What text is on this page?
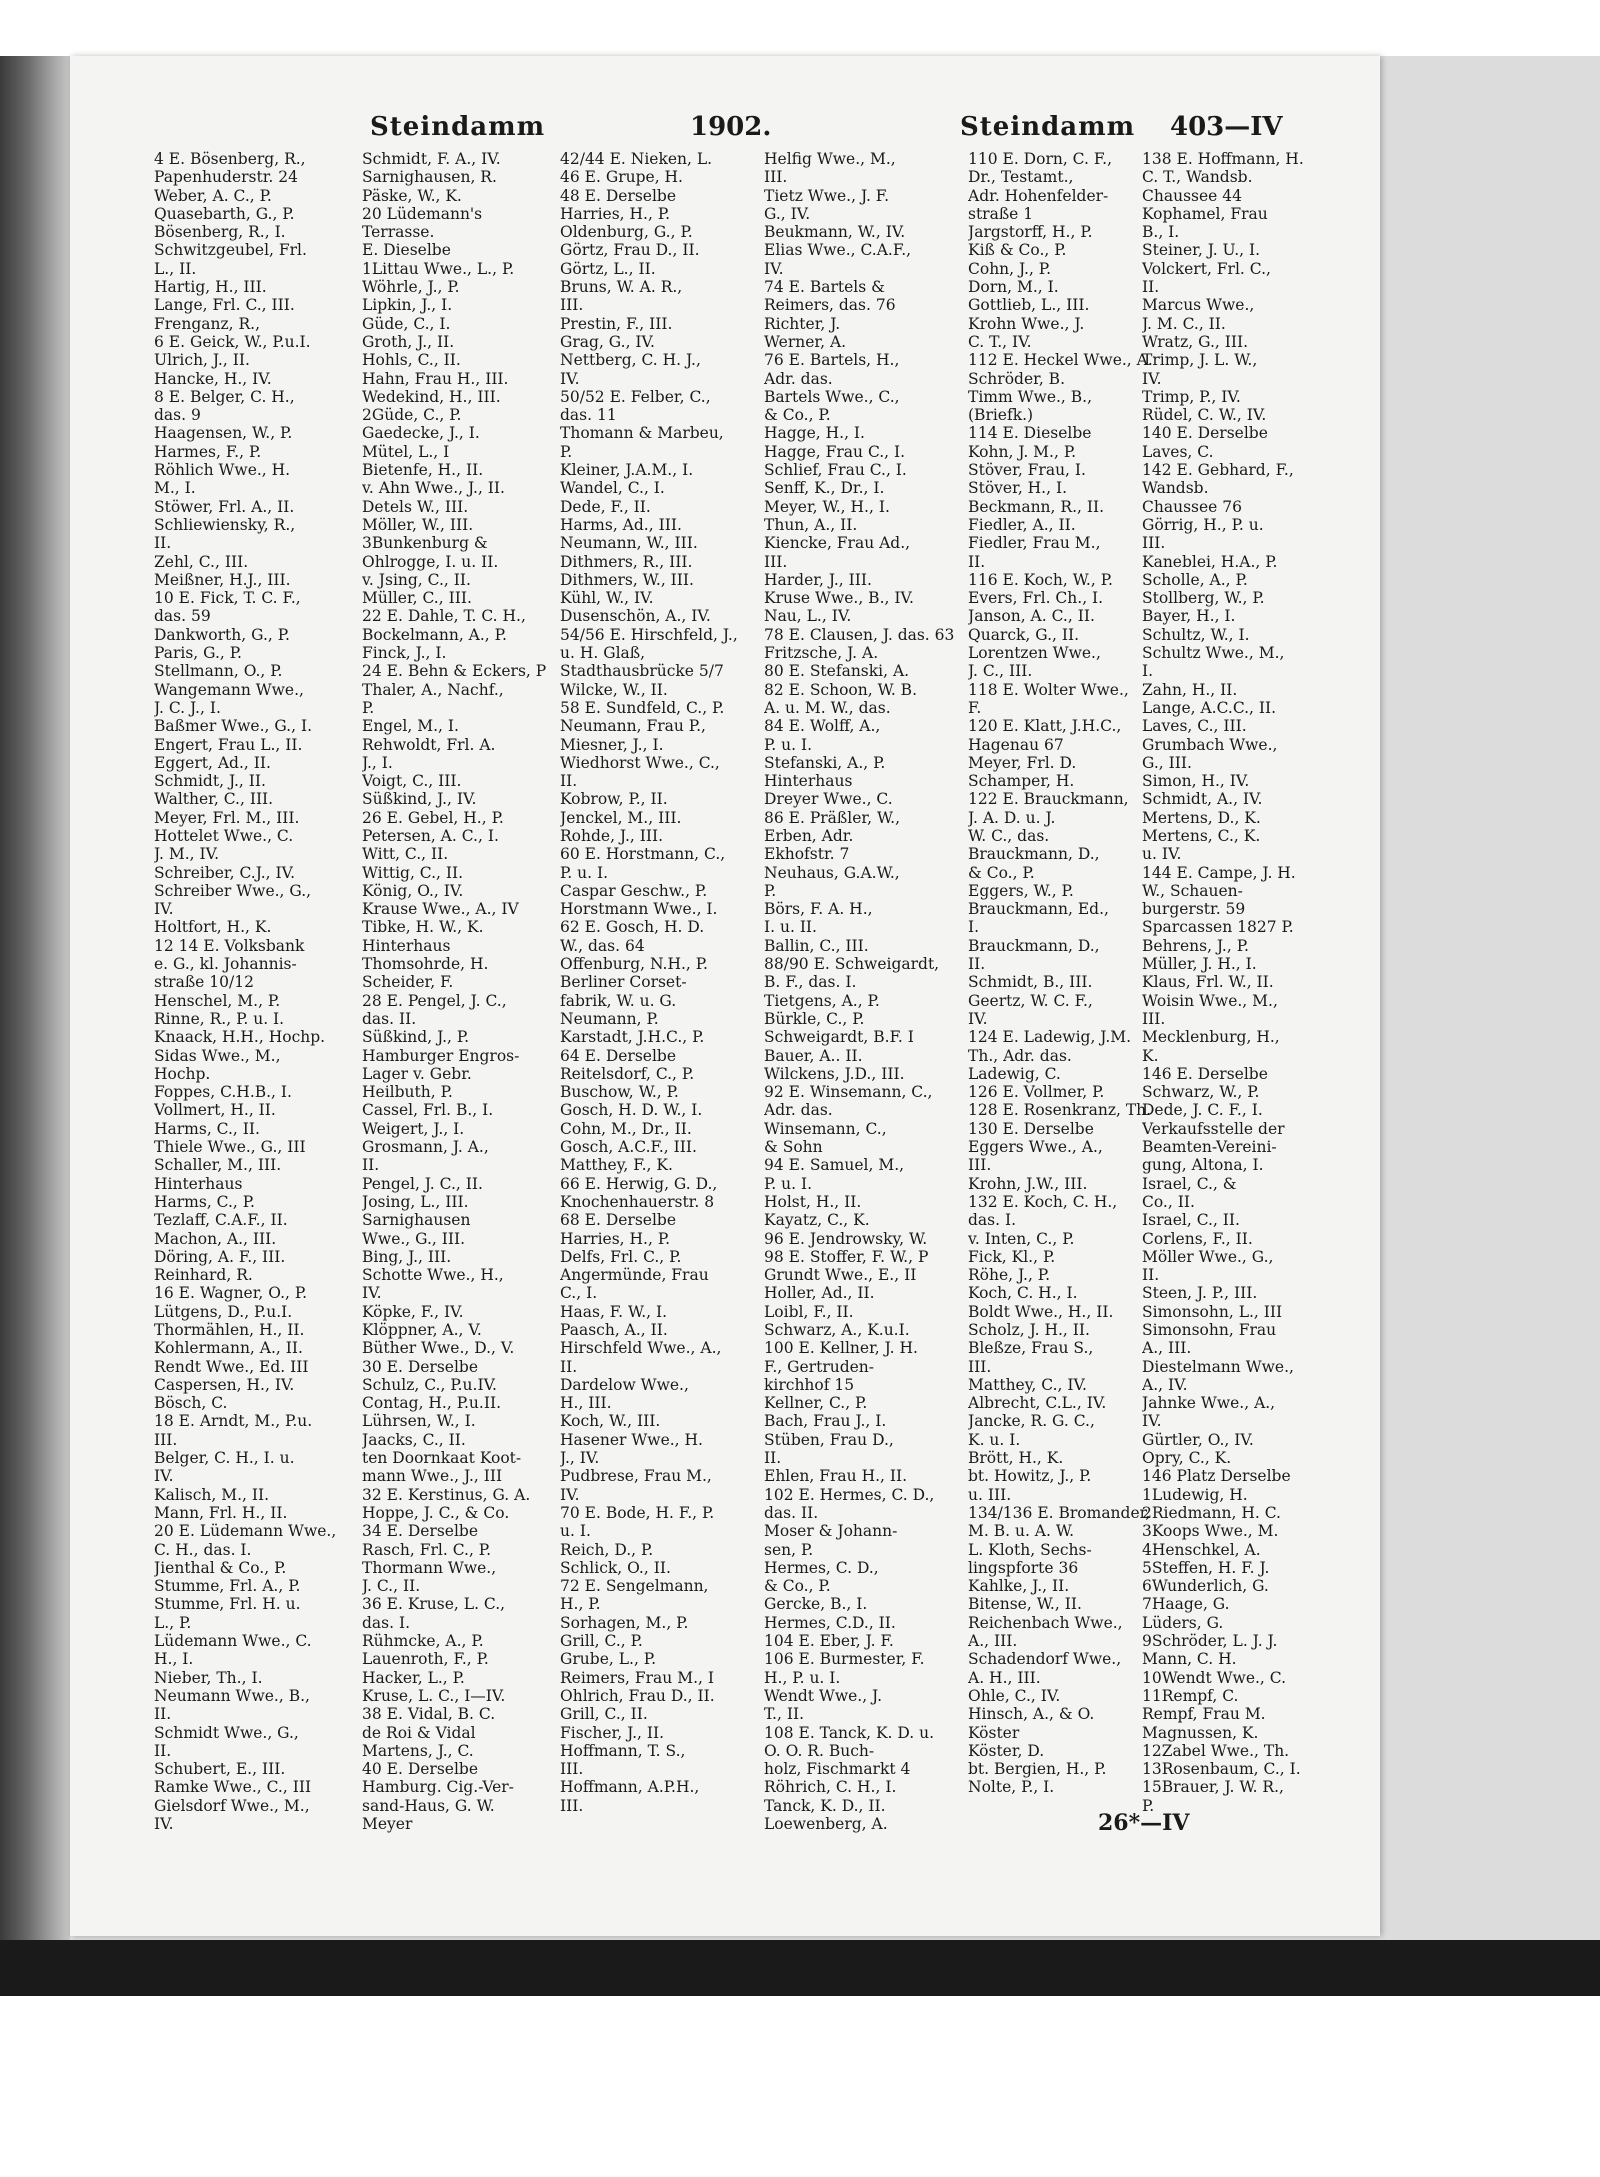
Steindamm	1902.	Steindamm 403—IV
4 E. Bösenberg, R.,
Papenhuderstr. 24
Weber, A. C., P.
Quasebarth, G., P.
Bösenberg, R., I.
Schwitzgeubel, Frl.
L., II.
Hartig, H., III.
Lange, Frl. C., III.
Frenganz, R.,
6 E. Geick, W., P.u.I.
Ulrich, J., II.
Hancke, H., IV.
8 E. Belger, C. H.,
das. 9
Haagensen, W., P.
Harmes, F., P.
Röhlich Wwe., H.
M., I.
Stöwer, Frl. A., II.
Schliewiensky, R.,
II.
Zehl, C., III.
Meißner, H.J., III.
10 E. Fick, T. C. F.,
das. 59
Dankworth, G., P.
Paris, G., P.
Stellmann, O., P.
Wangemann Wwe.,
J. C. J., I.
Baßmer Wwe., G., I.
Engert, Frau L., II.
Eggert, Ad., II.
Schmidt, J., II.
Walther, C., III.
Meyer, Frl. M., III.
Hottelet Wwe., C.
J. M., IV.
Schreiber, C.J., IV.
Schreiber Wwe., G.,
IV.
Holtfort, H., K.
12 14 E. Volksbank
e. G., kl. Johannis-
straße 10/12
Henschel, M., P.
Rinne, R., P. u. I.
Knaack, H.H., Hochp.
Sidas Wwe., M.,
Hochp.
Foppes, C.H.B., I.
Vollmert, H., II.
Harms, C., II.
Thiele Wwe., G., III
Schaller, M., III.
Hinterhaus
Harms, C., P.
Tezlaff, C.A.F., II.
Machon, A., III.
Döring, A. F., III.
Reinhard, R.
16 E. Wagner, O., P.
Lütgens, D., P.u.I.
Thormählen, H., II.
Kohlermann, A., II.
Rendt Wwe., Ed. III
Caspersen, H., IV.
Bösch, C.
18 E. Arndt, M., P.u.
III.
Belger, C. H., I. u.
IV.
Kalisch, M., II.
Mann, Frl. H., II.
20 E. Lüdemann Wwe.,
C. H., das. I.
Jienthal & Co., P.
Stumme, Frl. A., P.
Stumme, Frl. H. u.
L., P.
Lüdemann Wwe., C.
H., I.
Nieber, Th., I.
Neumann Wwe., B.,
II.
Schmidt Wwe., G.,
II.
Schubert, E., III.
Ramke Wwe., C., III
Gielsdorf Wwe., M.,
IV.
Schmidt, F. A., IV.
Sarnighausen, R.
Päske, W., K.
20 Lüdemann's
Terrasse.
E. Dieselbe
1Littau Wwe., L., P.
Wöhrle, J., P.
Lipkin, J., I.
Güde, C., I.
Groth, J., II.
Hohls, C., II.
Hahn, Frau H., III.
Wedekind, H., III.
2Güde, C., P.
Gaedecke, J., I.
Mütel, L., I
Bietenfe, H., II.
v. Ahn Wwe., J., II.
Detels W., III.
Möller, W., III.
3Bunkenburg &
Ohlrogge, I. u. II.
v. Jsing, C., II.
Müller, C., III.
22 E. Dahle, T. C. H.,
Bockelmann, A., P.
Finck, J., I.
24 E. Behn & Eckers, P
Thaler, A., Nachf.,
P.
Engel, M., I.
Rehwoldt, Frl. A.
J., I.
Voigt, C., III.
Süßkind, J., IV.
26 E. Gebel, H., P.
Petersen, A. C., I.
Witt, C., II.
Wittig, C., II.
König, O., IV.
Krause Wwe., A., IV
Tibke, H. W., K.
Hinterhaus
Thomsohrde, H.
Scheider, F.
28 E. Pengel, J. C.,
das. II.
Süßkind, J., P.
Hamburger Engros-
Lager v. Gebr.
Heilbuth, P.
Cassel, Frl. B., I.
Weigert, J., I.
Grosmann, J. A.,
II.
Pengel, J. C., II.
Josing, L., III.
Sarnighausen
Wwe., G., III.
Bing, J., III.
Schotte Wwe., H.,
IV.
Köpke, F., IV.
Klöppner, A., V.
Büther Wwe., D., V.
30 E. Derselbe
Schulz, C., P.u.IV.
Contag, H., P.u.II.
Lührsen, W., I.
Jaacks, C., II.
ten Doornkaat Koot-
mann Wwe., J., III
32 E. Kerstinus, G. A.
Hoppe, J. C., & Co.
34 E. Derselbe
Rasch, Frl. C., P.
Thormann Wwe.,
J. C., II.
36 E. Kruse, L. C.,
das. I.
Rühmcke, A., P.
Lauenroth, F., P.
Hacker, L., P.
Kruse, L. C., I—IV.
38 E. Vidal, B. C.
de Roi & Vidal
Martens, J., C.
40 E. Derselbe
Hamburg. Cig.-Ver-
sand-Haus, G. W.
Meyer
42/44 E. Nieken, L.
46 E. Grupe, H.
48 E. Derselbe
Harries, H., P.
Oldenburg, G., P.
Görtz, Frau D., II.
Görtz, L., II.
Bruns, W. A. R.,
III.
Prestin, F., III.
Grag, G., IV.
Nettberg, C. H. J.,
IV.
50/52 E. Felber, C.,
das. 11
Thomann & Marbeu,
P.
Kleiner, J.A.M., I.
Wandel, C., I.
Dede, F., II.
Harms, Ad., III.
Neumann, W., III.
Dithmers, R., III.
Dithmers, W., III.
Kühl, W., IV.
Dusenschön, A., IV.
54/56 E. Hirschfeld, J.,
u. H. Glaß,
Stadthausbrücke 5/7
Wilcke, W., II.
58 E. Sundfeld, C., P.
Neumann, Frau P.,
Miesner, J., I.
Wiedhorst Wwe., C.,
II.
Kobrow, P., II.
Jenckel, M., III.
Rohde, J., III.
60 E. Horstmann, C.,
P. u. I.
Caspar Geschw., P.
Horstmann Wwe., I.
62 E. Gosch, H. D.
W., das. 64
Offenburg, N.H., P.
Berliner Corset-
fabrik, W. u. G.
Neumann, P.
Karstadt, J.H.C., P.
64 E. Derselbe
Reitelsdorf, C., P.
Buschow, W., P.
Gosch, H. D. W., I.
Cohn, M., Dr., II.
Gosch, A.C.F., III.
Matthey, F., K.
66 E. Herwig, G. D.,
Knochenhauerstr. 8
68 E. Derselbe
Harries, H., P.
Delfs, Frl. C., P.
Angermünde, Frau
C., I.
Haas, F. W., I.
Paasch, A., II.
Hirschfeld Wwe., A.,
II.
Dardelow Wwe.,
H., III.
Koch, W., III.
Hasener Wwe., H.
J., IV.
Pudbrese, Frau M.,
IV.
70 E. Bode, H. F., P.
u. I.
Reich, D., P.
Schlick, O., II.
72 E. Sengelmann,
H., P.
Sorhagen, M., P.
Grill, C., P.
Grube, L., P.
Reimers, Frau M., I
Ohlrich, Frau D., II.
Grill, C., II.
Fischer, J., II.
Hoffmann, T. S.,
III.
Hoffmann, A.P.H.,
III.
Helfig Wwe., M.,
III.
Tietz Wwe., J. F.
G., IV.
Beukmann, W., IV.
Elias Wwe., C.A.F.,
IV.
74 E. Bartels &
Reimers, das. 76
Richter, J.
Werner, A.
76 E. Bartels, H.,
Adr. das.
Bartels Wwe., C.,
& Co., P.
Hagge, H., I.
Hagge, Frau C., I.
Schlief, Frau C., I.
Senff, K., Dr., I.
Meyer, W., H., I.
Thun, A., II.
Kiencke, Frau Ad.,
III.
Harder, J., III.
Kruse Wwe., B., IV.
Nau, L., IV.
78 E. Clausen, J. das. 63
Fritzsche, J. A.
80 E. Stefanski, A.
82 E. Schoon, W. B.
A. u. M. W., das.
84 E. Wolff, A.,
P. u. I.
Stefanski, A., P.
Hinterhaus
Dreyer Wwe., C.
86 E. Präßler, W.,
Erben, Adr.
Ekhofstr. 7
Neuhaus, G.A.W.,
P.
Börs, F. A. H.,
I. u. II.
Ballin, C., III.
88/90 E. Schweigardt,
B. F., das. I.
Tietgens, A., P.
Bürkle, C., P.
Schweigardt, B.F. I
Bauer, A.. II.
Wilckens, J.D., III.
92 E. Winsemann, C.,
Adr. das.
Winsemann, C.,
& Sohn
94 E. Samuel, M.,
P. u. I.
Holst, H., II.
Kayatz, C., K.
96 E. Jendrowsky, W.
98 E. Stoffer, F. W., P
Grundt Wwe., E., II
Holler, Ad., II.
Loibl, F., II.
Schwarz, A., K.u.I.
100 E. Kellner, J. H.
F., Gertruden-
kirchhof 15
Kellner, C., P.
Bach, Frau J., I.
Stüben, Frau D.,
II.
Ehlen, Frau H., II.
102 E. Hermes, C. D.,
das. II.
Moser & Johann-
sen, P.
Hermes, C. D.,
& Co., P.
Gercke, B., I.
Hermes, C.D., II.
104 E. Eber, J. F.
106 E. Burmester, F.
H., P. u. I.
Wendt Wwe., J.
T., II.
108 E. Tanck, K. D. u.
O. O. R. Buch-
holz, Fischmarkt 4
Röhrich, C. H., I.
Tanck, K. D., II.
Loewenberg, A.
110 E. Dorn, C. F.,
Dr., Testamt.,
Adr. Hohenfelder-
straße 1
Jargstorff, H., P.
Kiß & Co., P.
Cohn, J., P.
Dorn, M., I.
Gottlieb, L., III.
Krohn Wwe., J.
C. T., IV.
112 E. Heckel Wwe., A.
Schröder, B.
Timm Wwe., B.,
(Briefk.)
114 E. Dieselbe
Kohn, J. M., P.
Stöver, Frau, I.
Stöver, H., I.
Beckmann, R., II.
Fiedler, A., II.
Fiedler, Frau M.,
II.
116 E. Koch, W., P.
Evers, Frl. Ch., I.
Janson, A. C., II.
Quarck, G., II.
Lorentzen Wwe.,
J. C., III.
118 E. Wolter Wwe.,
F.
120 E. Klatt, J.H.C.,
Hagenau 67
Meyer, Frl. D.
Schamper, H.
122 E. Brauckmann,
J. A. D. u. J.
W. C., das.
Brauckmann, D.,
& Co., P.
Eggers, W., P.
Brauckmann, Ed.,
I.
Brauckmann, D.,
II.
Schmidt, B., III.
Geertz, W. C. F.,
IV.
124 E. Ladewig, J.M.
Th., Adr. das.
Ladewig, C.
126 E. Vollmer, P.
128 E. Rosenkranz, Th.
130 E. Derselbe
Eggers Wwe., A.,
III.
Krohn, J.W., III.
132 E. Koch, C. H.,
das. I.
v. Inten, C., P.
Fick, Kl., P.
Röhe, J., P.
Koch, C. H., I.
Boldt Wwe., H., II.
Scholz, J. H., II.
Bleßze, Frau S.,
III.
Matthey, C., IV.
Albrecht, C.L., IV.
Jancke, R. G. C.,
K. u. I.
Brött, H., K.
bt. Howitz, J., P.
u. III.
134/136 E. Bromander,
M. B. u. A. W.
L. Kloth, Sechs-
lingspforte 36
Kahlke, J., II.
Bitense, W., II.
Reichenbach Wwe.,
A., III.
Schadendorf Wwe.,
A. H., III.
Ohle, C., IV.
Hinsch, A., & O.
Köster
Köster, D.
bt. Bergien, H., P.
Nolte, P., I.
138 E. Hoffmann, H.
C. T., Wandsb.
Chaussee 44
Kophamel, Frau
B., I.
Steiner, J. U., I.
Volckert, Frl. C.,
II.
Marcus Wwe.,
J. M. C., II.
Wratz, G., III.
Trimp, J. L. W.,
IV.
Trimp, P., IV.
Rüdel, C. W., IV.
140 E. Derselbe
Laves, C.
142 E. Gebhard, F.,
Wandsb.
Chaussee 76
Görrig, H., P. u.
III.
Kaneblei, H.A., P.
Scholle, A., P.
Stollberg, W., P.
Bayer, H., I.
Schultz, W., I.
Schultz Wwe., M.,
I.
Zahn, H., II.
Lange, A.C.C., II.
Laves, C., III.
Grumbach Wwe.,
G., III.
Simon, H., IV.
Schmidt, A., IV.
Mertens, D., K.
Mertens, C., K.
u. IV.
144 E. Campe, J. H.
W., Schauen-
burgerstr. 59
Sparcassen 1827 P.
Behrens, J., P.
Müller, J. H., I.
Klaus, Frl. W., II.
Woisin Wwe., M.,
III.
Mecklenburg, H.,
K.
146 E. Derselbe
Schwarz, W., P.
Dede, J. C. F., I.
Verkaufsstelle der
Beamten-Vereini-
gung, Altona, I.
Israel, C., &
Co., II.
Israel, C., II.
Corlens, F., II.
Möller Wwe., G.,
II.
Steen, J. P., III.
Simonsohn, L., III
Simonsohn, Frau
A., III.
Diestelmann Wwe.,
A., IV.
Jahnke Wwe., A.,
IV.
Gürtler, O., IV.
Opry, C., K.
146 Platz Derselbe
1Ludewig, H.
2Riedmann, H. C.
3Koops Wwe., M.
4Henschkel, A.
5Steffen, H. F. J.
6Wunderlich, G.
7Haage, G.
Lüders, G.
9Schröder, L. J. J.
Mann, C. H.
10Wendt Wwe., C.
11Rempf, C.
Rempf, Frau M.
Magnussen, K.
12Zabel Wwe., Th.
13Rosenbaum, C., I.
15Brauer, J. W. R.,
P.
26*—IV
